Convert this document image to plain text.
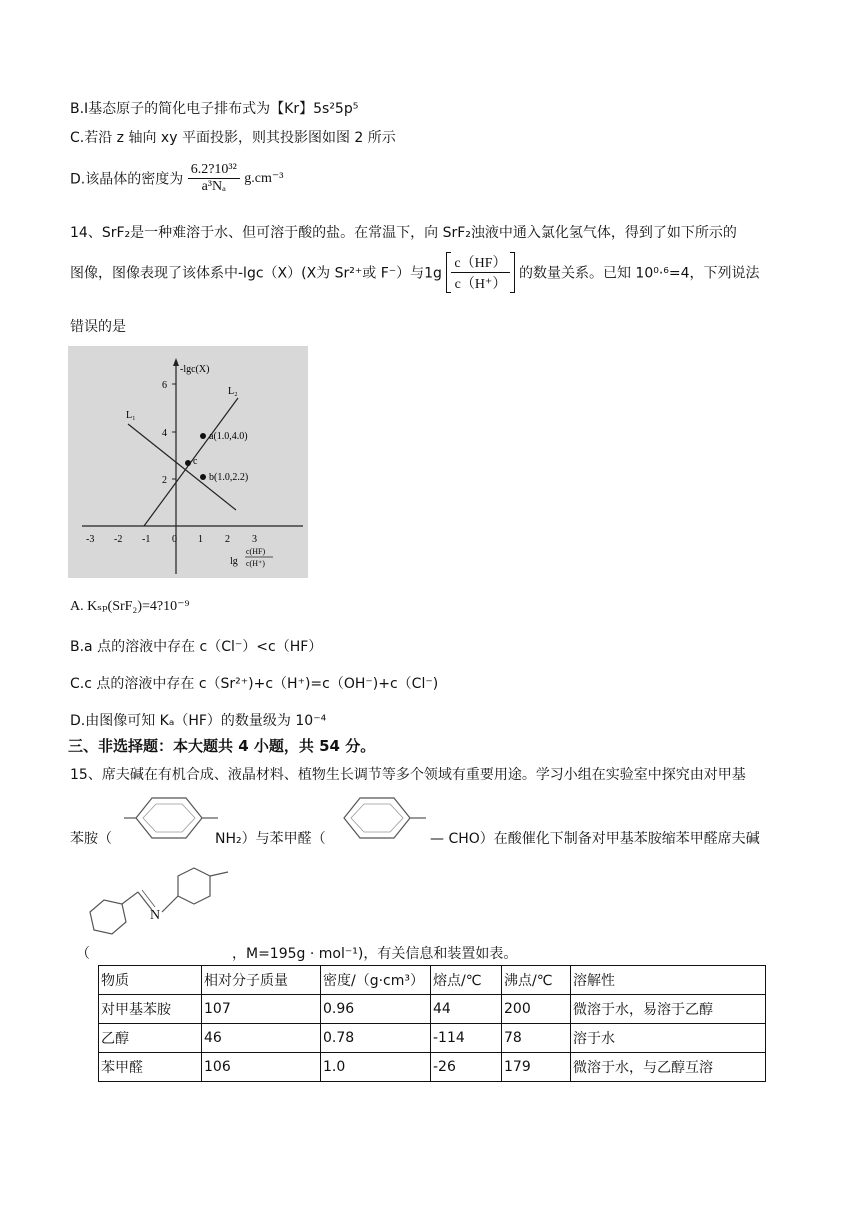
B.I基态原子的简化电子排布式为【Kr】5s²5p⁵
C.若沿 z 轴向 xy 平面投影，则其投影图如图 2 所示
D.该晶体的密度为 $\frac{\text{6.2?10³²}}{\text{a³Nₐ}} g.cm^{-3}$
14、SrF₂是一种难溶于水、但可溶于酸的盐。在常温下，向 SrF₂浊液中通入氯化氢气体，得到了如下所示的
图像，图像表现了该体系中-lgc（X）(X为 Sr²⁺或 F⁻）与$1g \frac{c(HF)}{c(H^+)}$ 的数量关系。已知 10⁰·⁶=4，下列说法
错误的是
6
4
2
-3 -2 -1 0 1 2 3
-lgc(X)
lg
c(HF)
c(H⁺)
L₁
L₂
a(1.0,4.0)
c
b(1.0,2.2)
A. Kₛₚ(SrF₂)=4?10⁻⁹
B.a 点的溶液中存在 c（Cl⁻）<c（HF）
C.c 点的溶液中存在 c（Sr²⁺)+c（H⁺)=c（OH⁻)+c（Cl⁻)
D.由图像可知 Kₐ（HF）的数量级为 10⁻⁴
三、非选择题：本大题共 4 小题，共 54 分。
15、席夫碱在有机合成、液晶材料、植物生长调节等多个领域有重要用途。学习小组在实验室中探究由对甲基
苯胺（	NH₂）与苯甲醛（	— CHO）在酸催化下制备对甲基苯胺缩苯甲醛席夫碱
N
（	，M=195g · mol⁻¹)，有关信息和装置如表。
物质	相对分子质量	密度/（g·cm³）	熔点/℃	沸点/℃	溶解性
对甲基苯胺	107	0.96	44	200	微溶于水，易溶于乙醇
乙醇	46	0.78	-114	78	溶于水
苯甲醛	106	1.0	-26	179	微溶于水，与乙醇互溶
